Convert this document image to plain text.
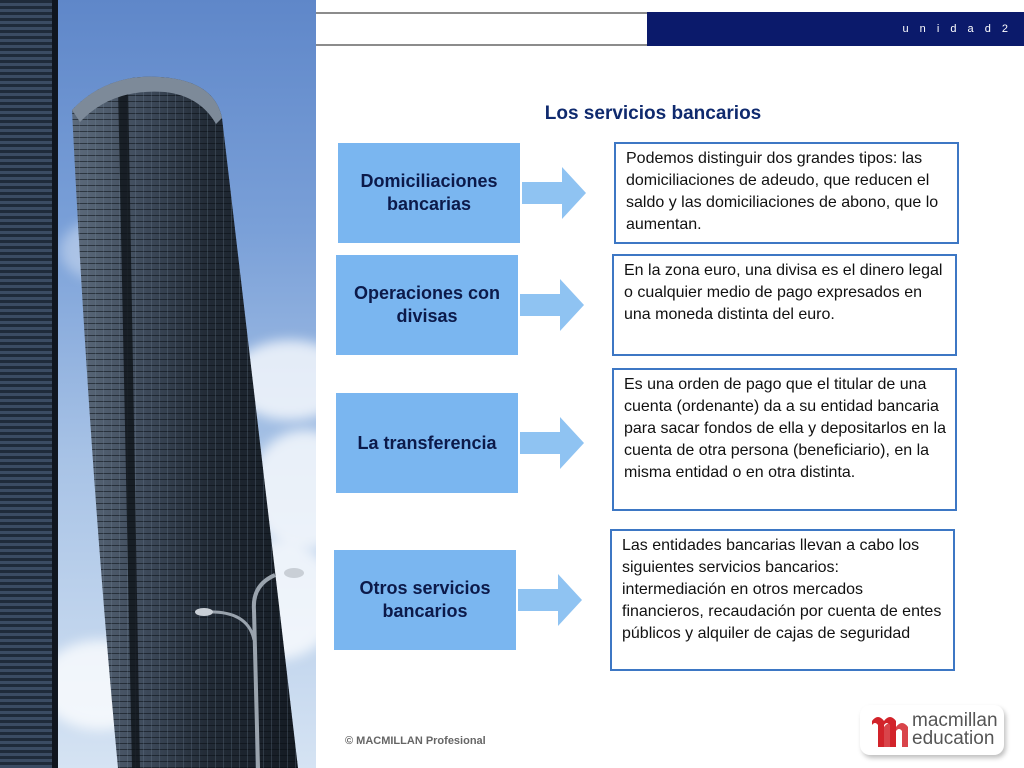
u n i d a d 2
Los servicios bancarios
Domiciliaciones bancarias
Podemos distinguir dos grandes tipos: las domiciliaciones de adeudo, que reducen el saldo y las domiciliaciones de abono, que lo aumentan.
Operaciones con divisas
En la zona euro, una divisa es el dinero legal o cualquier medio de pago expresados en una moneda distinta del euro.
La transferencia
Es una orden de pago que el titular de una cuenta (ordenante) da a su entidad bancaria para sacar fondos de ella y depositarlos en la cuenta de otra persona (beneficiario), en la misma entidad o en otra distinta.
Otros servicios bancarios
Las entidades bancarias llevan a cabo los siguientes servicios bancarios: intermediación en otros mercados financieros, recaudación por cuenta de entes públicos y alquiler de cajas de seguridad
© MACMILLAN Profesional
macmillan
education
